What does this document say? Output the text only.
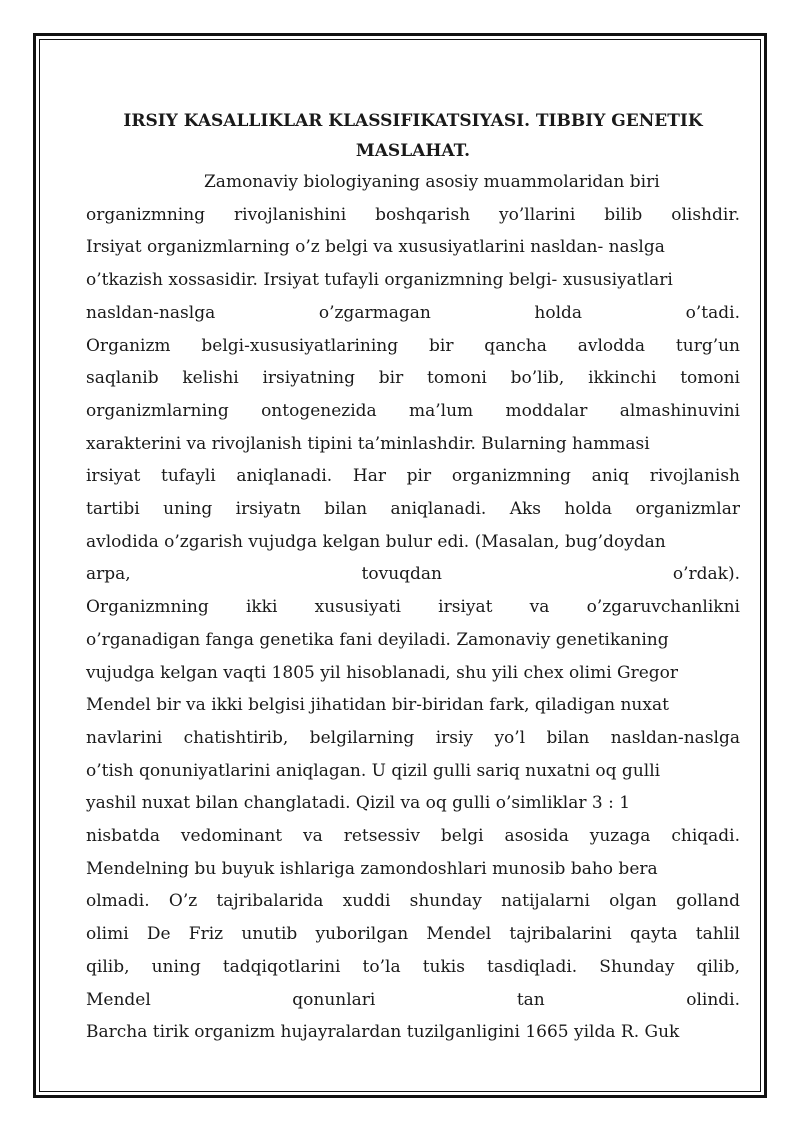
IRSIY KASALLIKLAR KLASSIFIKATSIYASI. TIBBIY GENETIK
MASLAHAT.

Zamonaviy biologiyaning asosiy muammolaridan biri

organizmning rivojlanishini boshqarish yo’llarini bilib olishdir.

Irsiyat organizmlarning o’z belgi va xususiyatlarini nasldan- naslga

o’tkazish xossasidir. Irsiyat tufayli organizmning belgi- xususiyatlari

nasldan-naslga o’zgarmagan holda o’tadi.

Organizm belgi-xususiyatlarining bir qancha avlodda turg’un

saqlanib kelishi irsiyatning bir tomoni bo’lib, ikkinchi tomoni

organizmlarning ontogenezida ma’lum moddalar almashinuvini

xarakterini va rivojlanish tipini ta’minlashdir. Bularning hammasi

irsiyat tufayli aniqlanadi. Har pir organizmning aniq rivojlanish

tartibi uning irsiyatn bilan aniqlanadi. Aks holda organizmlar

avlodida o’zgarish vujudga kelgan bulur edi. (Masalan, bug’doydan

arpa, tovuqdan o’rdak).

Organizmning ikki xususiyati irsiyat va o’zgaruvchanlikni

o’rganadigan fanga genetika fani deyiladi. Zamonaviy genetikaning

vujudga kelgan vaqti 1805 yil hisoblanadi, shu yili chex olimi Gregor

Mendel bir va ikki belgisi jihatidan bir-biridan fark, qiladigan nuxat

navlarini chatishtirib, belgilarning irsiy yo’l bilan nasldan-naslga

o’tish qonuniyatlarini aniqlagan. U qizil gulli sariq nuxatni oq gulli

yashil nuxat bilan changlatadi. Qizil va oq gulli o’simliklar 3 : 1

nisbatda vedominant va retsessiv belgi asosida yuzaga chiqadi.

Mendelning bu buyuk ishlariga zamondoshlari munosib baho bera

olmadi. O’z tajribalarida xuddi shunday natijalarni olgan golland

olimi De Friz unutib yuborilgan Mendel tajribalarini qayta tahlil

qilib, uning tadqiqotlarini to’la tukis tasdiqladi. Shunday qilib,

Mendel qonunlari tan olindi.

Barcha tirik organizm hujayralardan tuzilganligini 1665 yilda R. Guk
